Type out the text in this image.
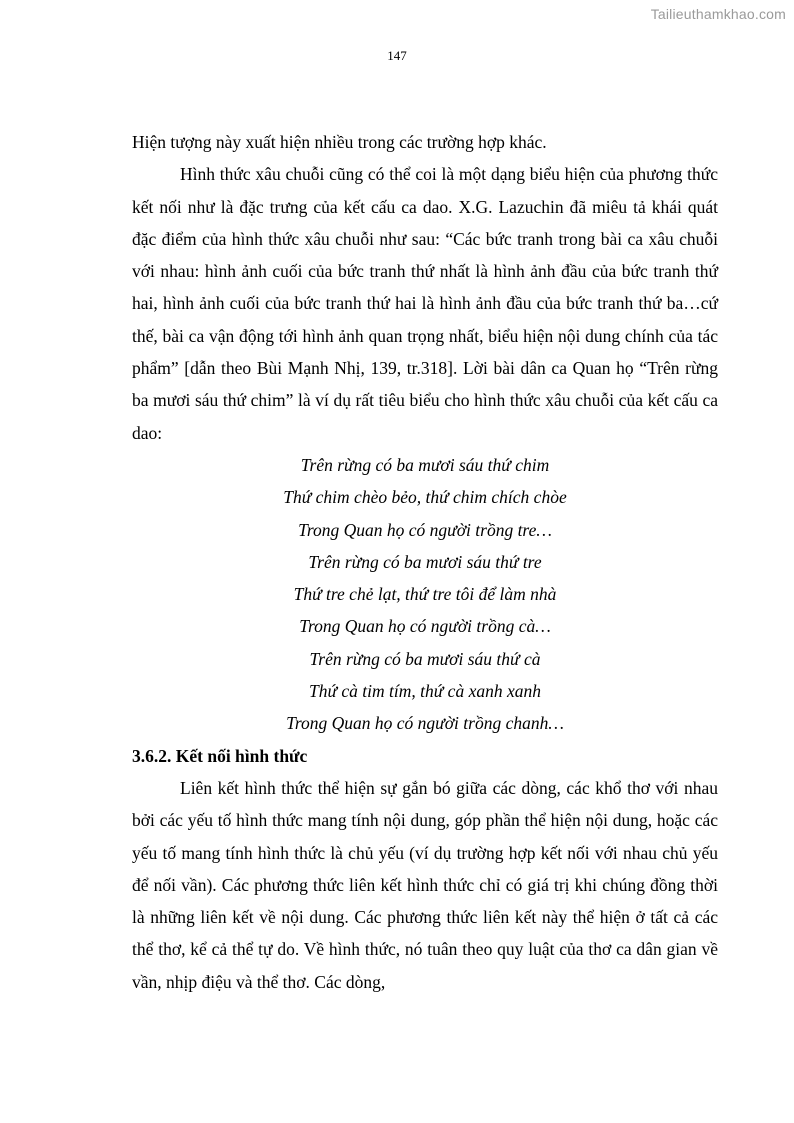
Tailieuthamkhao.com
147

Hiện tượng này xuất hiện nhiều trong các trường hợp khác.

Hình thức xâu chuỗi cũng có thể coi là một dạng biểu hiện của phương thức kết nối như là đặc trưng của kết cấu ca dao. X.G. Lazuchin đã miêu tả khái quát đặc điểm của hình thức xâu chuỗi như sau: “Các bức tranh trong bài ca xâu chuỗi với nhau: hình ảnh cuối của bức tranh thứ nhất là hình ảnh đầu của bức tranh thứ hai, hình ảnh cuối của bức tranh thứ hai là hình ảnh đầu của bức tranh thứ ba…cứ thế, bài ca vận động tới hình ảnh quan trọng nhất, biểu hiện nội dung chính của tác phẩm” [dẫn theo Bùi Mạnh Nhị, 139, tr.318]. Lời bài dân ca Quan họ “Trên rừng ba mươi sáu thứ chim” là ví dụ rất tiêu biểu cho hình thức xâu chuỗi của kết cấu ca dao:

Trên rừng có ba mươi sáu thứ chim
Thứ chim chèo bẻo, thứ chim chích chòe
Trong Quan họ có người trồng tre…
Trên rừng có ba mươi sáu thứ tre
Thứ tre chẻ lạt, thứ tre tôi để làm nhà
Trong Quan họ có người trồng cà…
Trên rừng có ba mươi sáu thứ cà
Thứ cà tim tím, thứ cà xanh xanh
Trong Quan họ có người trồng chanh…
3.6.2. Kết nối hình thức

Liên kết hình thức thể hiện sự gắn bó giữa các dòng, các khổ thơ với nhau bởi các yếu tố hình thức mang tính nội dung, góp phần thể hiện nội dung, hoặc các yếu tố mang tính hình thức là chủ yếu (ví dụ trường hợp kết nối với nhau chủ yếu để nối vần). Các phương thức liên kết hình thức chỉ có giá trị khi chúng đồng thời là những liên kết về nội dung. Các phương thức liên kết này thể hiện ở tất cả các thể thơ, kể cả thể tự do. Về hình thức, nó tuân theo quy luật của thơ ca dân gian về vần, nhịp điệu và thể thơ. Các dòng,
